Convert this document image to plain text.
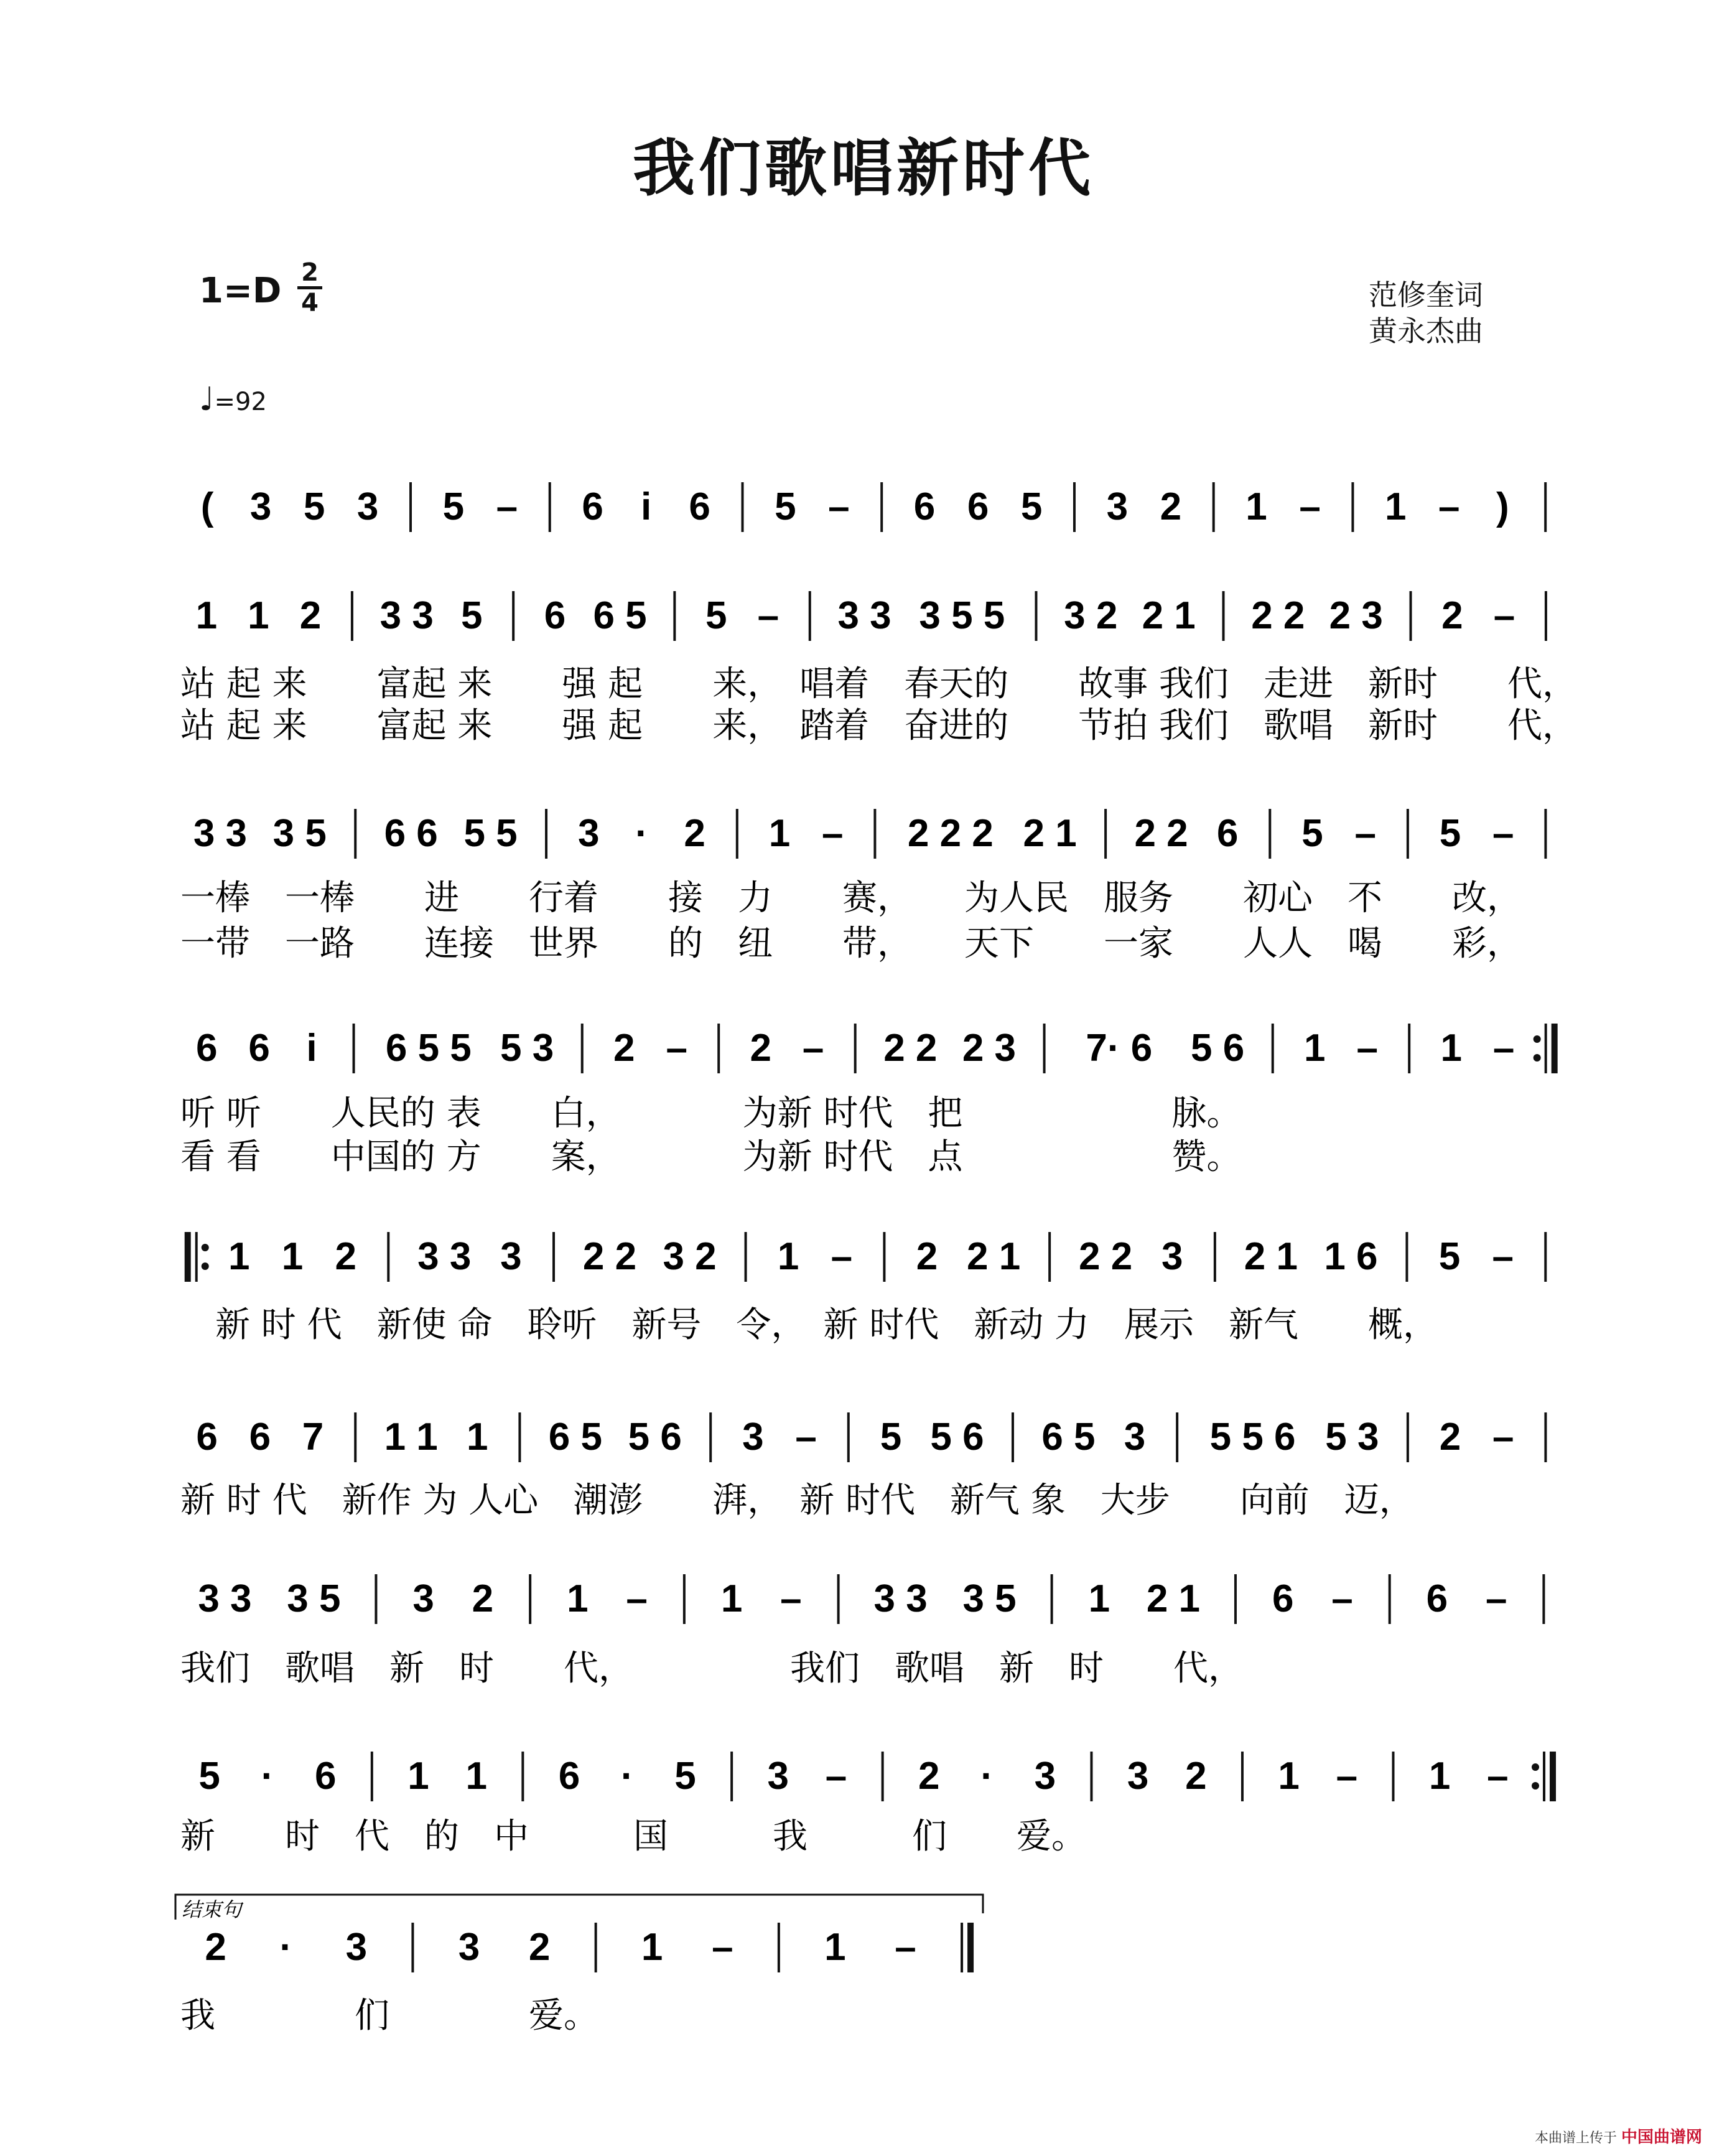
我们歌唱新时代
1=D 2
4	范修奎词
黄永杰曲
♩=92
( 3 5 3 5 – 6 i 6 5 – 6 6 5 3 2 1 – 1 – )
1 1 2 3 3 5 6 6 5 5 – 3 3 3 5 5 3 2 2 1 2 2 2 3 2 –
站 起 来　　富起 来　　强 起　　来，　唱着　春天的　　故事 我们　走进　新时　　代，
站 起 来　　富起 来　　强 起　　来，　踏着　奋进的　　节拍 我们　歌唱　新时　　代，
3 3 3 5 6 6 5 5 3 · 2 1 – 2 2 2 2 1 2 2 6 5 – 5 –
一棒　一棒　　进　　行着　　接　力　　赛，　　为人民　服务　　初心　不　　改，
一带　一路　　连接　世界　　的　纽　　带，　　天下　　一家　　人人　喝　　彩，
6 6 i 6 5 5 5 3 2 – 2 – 2 2 2 3 7· 6 5 6 1 – 1 –
听 听　　人民的 表　　白，　　　　为新 时代　把　　　　　　脉。
看 看　　中国的 方　　案，　　　　为新 时代　点　　　　　　赞。
1 1 2 3 3 3 2 2 3 2 1 – 2 2 1 2 2 3 2 1 1 6 5 –
　新 时 代　新使 命　聆听　新号　令，　新 时代　新动 力　展示　新气　　概，
6 6 7 1 1 1 6 5 5 6 3 – 5 5 6 6 5 3 5 5 6 5 3 2 –
新 时 代　新作 为 人心　潮澎　　湃，　新 时代　新气 象　大步　　向前　迈，
3 3 3 5 3 2 1 – 1 – 3 3 3 5 1 2 1 6 – 6 –
我们　歌唱　新　时　　代，　　　　　我们　歌唱　新　时　　代，
5 · 6 1 1 6 · 5 3 – 2 · 3 3 2 1 – 1 –
新　　时　代　的　中　　　国　　　我　　　们　　爱。
2 · 3 3 2 1 – 1 –
我　　　　们　　　　爱。
结束句
本曲谱上传于 中国曲谱网
